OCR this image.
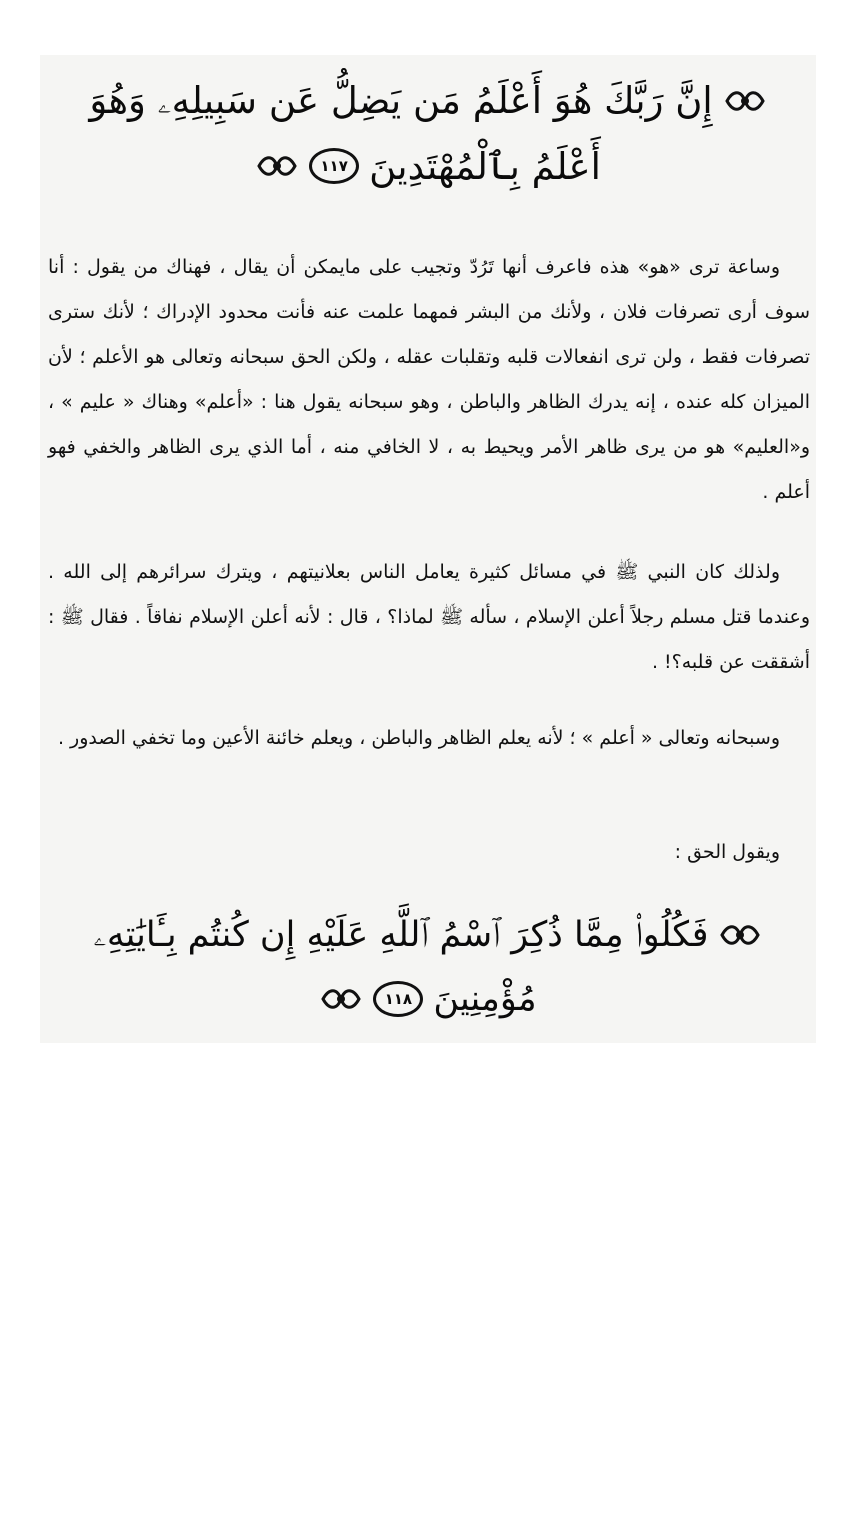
إِنَّ رَبَّكَ هُوَ أَعْلَمُ مَن يَضِلُّ عَن سَبِيلِهِۦ وَهُوَ
أَعْلَمُ بِٱلْمُهْتَدِينَ
١١٧

وساعة ترى «هو» هذه فاعرف أنها تَرُدّ وتجيب على مايمكن أن يقال ، فهناك من يقول : أنا سوف أرى تصرفات فلان ، ولأنك من البشر فمهما علمت عنه فأنت محدود الإدراك ؛ لأنك سترى تصرفات فقط ، ولن ترى انفعالات قلبه وتقلبات عقله ، ولكن الحق سبحانه وتعالى هو الأعلم ؛ لأن الميزان كله عنده ، إنه يدرك الظاهر والباطن ، وهو سبحانه يقول هنا : «أعلم» وهناك « عليم » ، و«العليم» هو من يرى ظاهر الأمر ويحيط به ، لا الخافي منه ، أما الذي يرى الظاهر والخفي فهو أعلم .

ولذلك كان النبي ﷺ في مسائل كثيرة يعامل الناس بعلانيتهم ، ويترك سرائرهم إلى الله . وعندما قتل مسلم رجلاً أعلن الإسلام ، سأله ﷺ لماذا؟ ، قال : لأنه أعلن الإسلام نفاقاً . فقال ﷺ : أشققت عن قلبه؟! .

وسبحانه وتعالى « أعلم » ؛ لأنه يعلم الظاهر والباطن ، ويعلم خائنة الأعين وما تخفي الصدور .

ويقول الحق :

فَكُلُوا۟ مِمَّا ذُكِرَ ٱسْمُ ٱللَّهِ عَلَيْهِ إِن كُنتُم بِـَٔايَٰتِهِۦ
مُؤْمِنِينَ
١١٨
